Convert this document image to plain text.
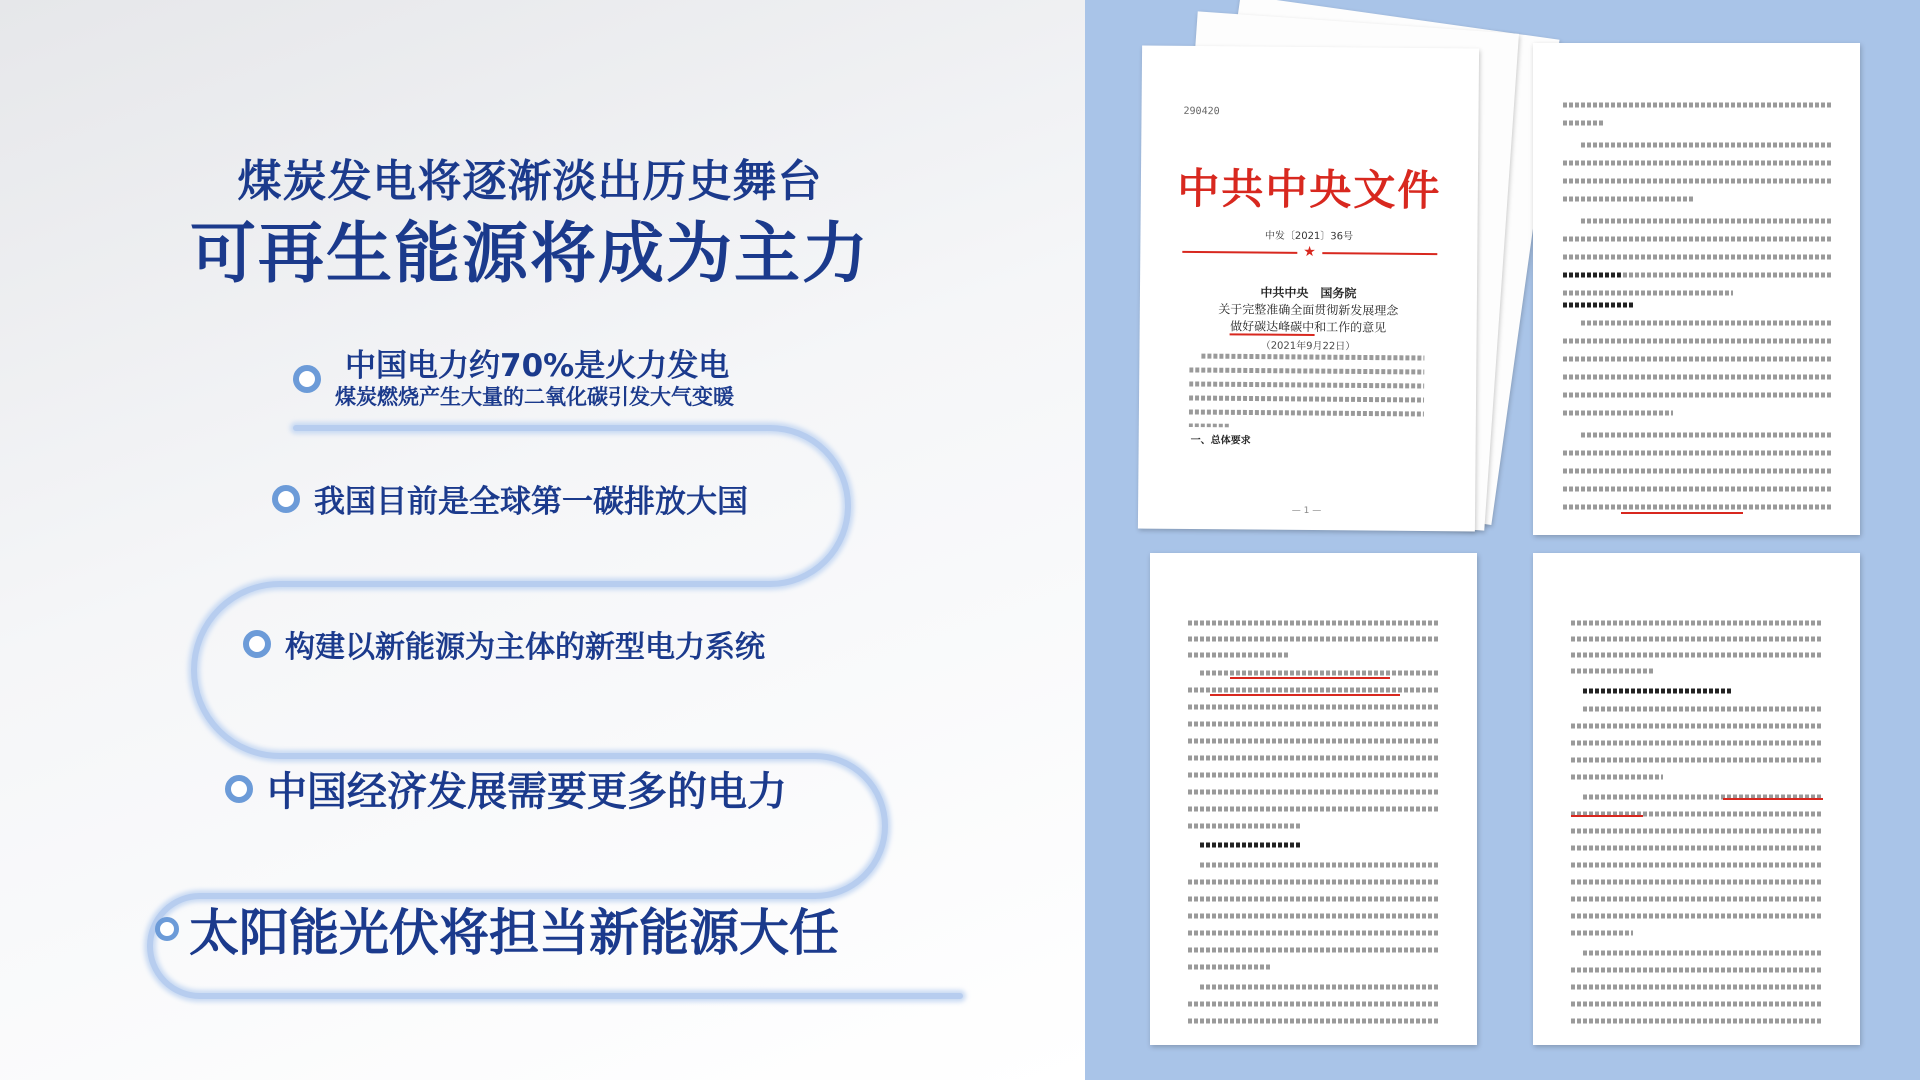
煤炭发电将逐渐淡出历史舞台
可再生能源将成为主力
中国电力约70%是火力发电
煤炭燃烧产生大量的二氧化碳引发大气变暖
我国目前是全球第一碳排放大国
构建以新能源为主体的新型电力系统
中国经济发展需要更多的电力
太阳能光伏将担当新能源大任
290420
中共中央文件
中发〔2021〕36号
★
中共中央　国务院
关于完整准确全面贯彻新发展理念
做好碳达峰碳中和工作的意见
（2021年9月22日）
一、总体要求
— 1 —
